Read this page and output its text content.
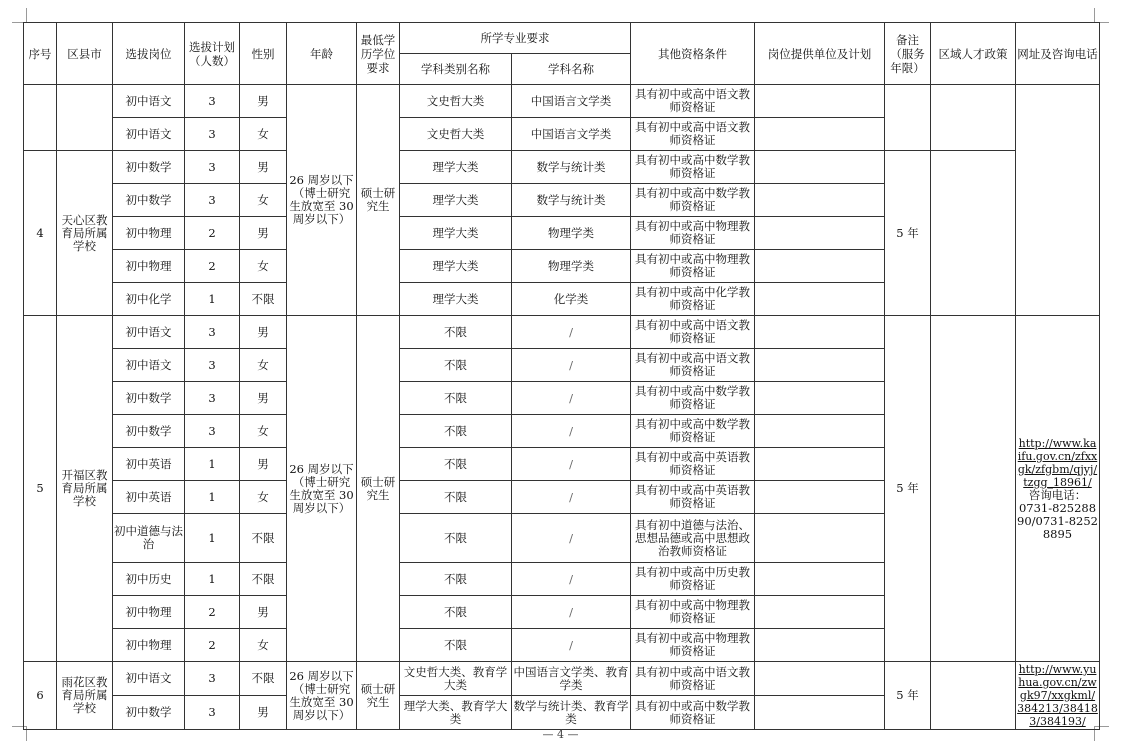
序号	区县市	选拔岗位	选拔计划（人数）	性别	年龄	最低学历学位要求	所学专业要求		其他资格条件	岗位提供单位及计划	备注（服务年限）	区域人才政策	网址及咨询电话
							学科类别名称	学科名称					
		初中语文	3	男	26 周岁以下（博士研究生放宽至 30 周岁以下）	硕士研究生	文史哲大类	中国语言文学类	具有初中或高中语文教师资格证				
		初中语文	3	女			文史哲大类	中国语言文学类	具有初中或高中语文教师资格证				
4	天心区教育局所属学校	初中数学	3	男			理学大类	数学与统计类	具有初中或高中数学教师资格证		5 年		
		初中数学	3	女			理学大类	数学与统计类	具有初中或高中数学教师资格证				
		初中物理	2	男			理学大类	物理学类	具有初中或高中物理教师资格证				
		初中物理	2	女			理学大类	物理学类	具有初中或高中物理教师资格证				
		初中化学	1	不限			理学大类	化学类	具有初中或高中化学教师资格证				
5	开福区教育局所属学校	初中语文	3	男	26 周岁以下（博士研究生放宽至 30 周岁以下）	硕士研究生	不限	/	具有初中或高中语文教师资格证		5 年		http://www.kaifu.gov.cn/zfxxgk/zfgbm/qjyj/tzgg_18961/
咨询电话：
0731-82528890/0731-82528895

		初中语文	3	女			不限	/	具有初中或高中语文教师资格证				
		初中数学	3	男			不限	/	具有初中或高中数学教师资格证				
		初中数学	3	女			不限	/	具有初中或高中数学教师资格证				
		初中英语	1	男			不限	/	具有初中或高中英语教师资格证				
		初中英语	1	女			不限	/	具有初中或高中英语教师资格证				
		初中道德与法治	1	不限			不限	/	具有初中道德与法治、思想品德或高中思想政治教师资格证				
		初中历史	1	不限			不限	/	具有初中或高中历史教师资格证				
		初中物理	2	男			不限	/	具有初中或高中物理教师资格证				
		初中物理	2	女			不限	/	具有初中或高中物理教师资格证				
6	雨花区教育局所属学校	初中语文	3	不限	26 周岁以下（博士研究生放宽至 30 周岁以下）	硕士研究生	文史哲大类、教育学大类	中国语言文学类、教育学类	具有初中或高中语文教师资格证		5 年		http://www.yuhua.gov.cn/zwgk97/xxgkml/384213/384183/384193/

		初中数学	3	男			理学大类、教育学大类	数学与统计类、教育学类	具有初中或高中数学教师资格证				
— 4 —
